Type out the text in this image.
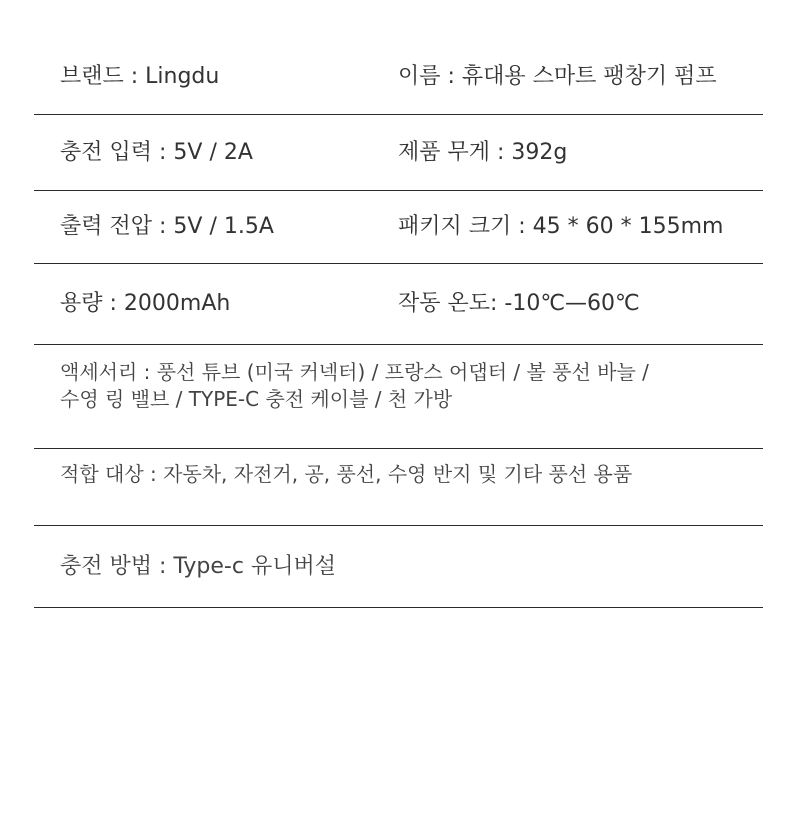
브랜드 : Lingdu	이름 : 휴대용 스마트 팽창기 펌프
충전 입력 : 5V / 2A	제품 무게 : 392g
출력 전압 : 5V / 1.5A	패키지 크기 : 45 * 60 * 155mm
용량 : 2000mAh	작동 온도: -10℃—60℃
액세서리 : 풍선 튜브 (미국 커넥터) / 프랑스 어댑터 / 볼 풍선 바늘 /
수영 링 밸브 / TYPE-C 충전 케이블 / 천 가방
적합 대상 : 자동차, 자전거, 공, 풍선, 수영 반지 및 기타 풍선 용품
충전 방법 : Type-c 유니버설
